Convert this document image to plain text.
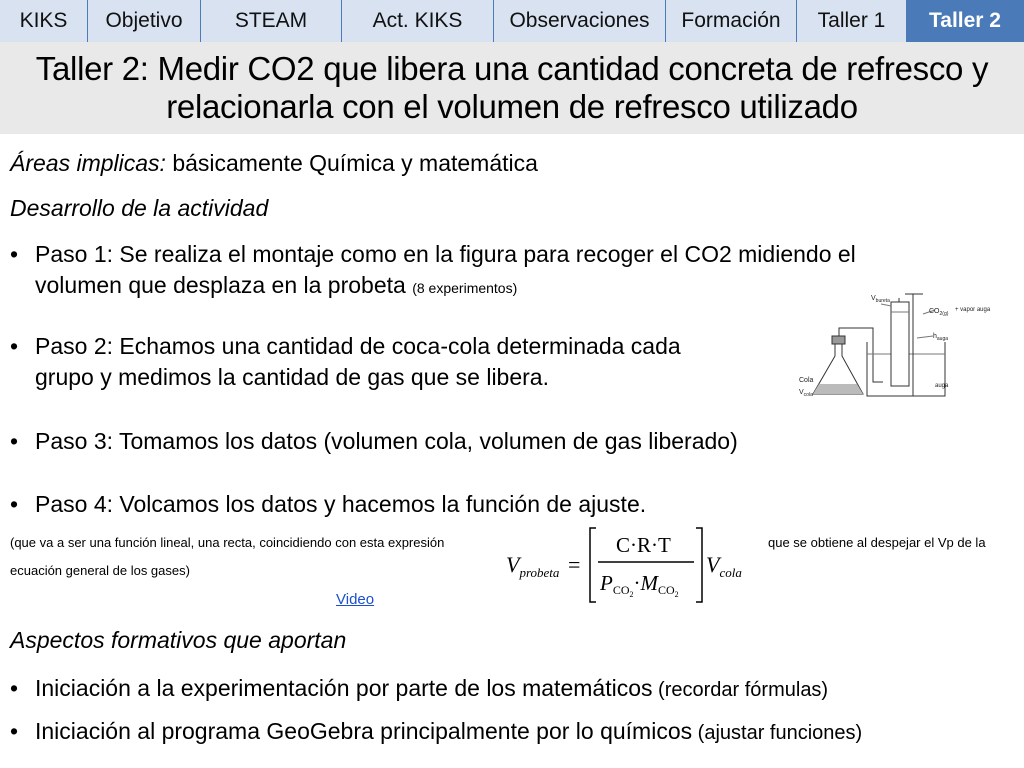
KIKS	Objetivo	STEAM	Act. KIKS	Observaciones	Formación	Taller 1	Taller 2
Taller 2: Medir CO2 que libera una cantidad concreta de refresco y
relacionarla con el volumen de refresco utilizado
Áreas implicas: básicamente Química y matemática
Desarrollo de la actividad
• Paso 1: Se realiza el montaje como en la figura para recoger el CO2 midiendo el
volumen que desplaza en la probeta (8 experimentos)
• Paso 2: Echamos una cantidad de coca-cola determinada cada
grupo y medimos la cantidad de gas que se libera.
• Paso 3: Tomamos los datos (volumen cola, volumen de gas liberado)
• Paso 4: Volcamos los datos y hacemos la función de ajuste.
(que va a ser una función lineal, una recta, coincidiendo con esta expresión	que se obtiene al despejar el Vp de la
ecuación general de los gases)
Video
Aspectos formativos que aportan
• Iniciación a la experimentación por parte de los matemáticos (recordar fórmulas)
• Iniciación al programa GeoGebra principalmente por lo químicos (ajustar funciones)
$V_{bureta}$
$CO_{2(g)}$
+ vapor auga
$h_{auga}$
auga
Cola
$V_{cola}$
$V_{probeta}$ =
C·R·T
PCO2·MCO2
$V_{cola}$
